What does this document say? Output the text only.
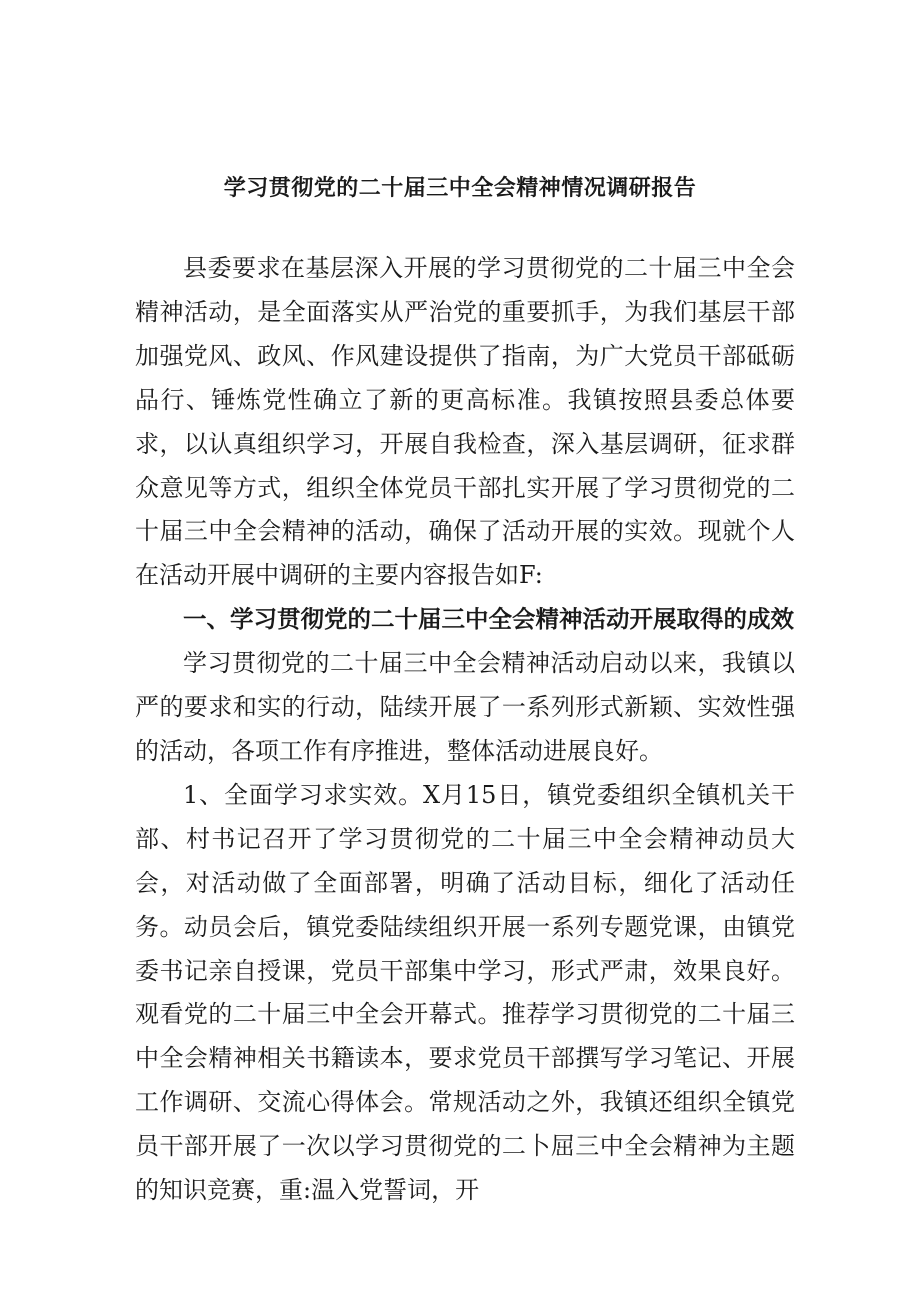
学习贯彻党的二十届三中全会精神情况调研报告

县委要求在基层深入开展的学习贯彻党的二十届三中全会精神活动，是全面落实从严治党的重要抓手，为我们基层干部加强党风、政风、作风建设提供了指南，为广大党员干部砥砺品行、锤炼党性确立了新的更高标准。我镇按照县委总体要求，以认真组织学习，开展自我检查，深入基层调研，征求群众意见等方式，组织全体党员干部扎实开展了学习贯彻党的二十届三中全会精神的活动，确保了活动开展的实效。现就个人在活动开展中调研的主要内容报告如F:

一、学习贯彻党的二十届三中全会精神活动开展取得的成效

学习贯彻党的二十届三中全会精神活动启动以来，我镇以严的要求和实的行动，陆续开展了一系列形式新颖、实效性强的活动，各项工作有序推进，整体活动进展良好。

1、全面学习求实效。X月15日，镇党委组织全镇机关干部、村书记召开了学习贯彻党的二十届三中全会精神动员大会，对活动做了全面部署，明确了活动目标，细化了活动任务。动员会后，镇党委陆续组织开展一系列专题党课，由镇党委书记亲自授课，党员干部集中学习，形式严肃，效果良好。观看党的二十届三中全会开幕式。推荐学习贯彻党的二十届三中全会精神相关书籍读本，要求党员干部撰写学习笔记、开展工作调研、交流心得体会。常规活动之外，我镇还组织全镇党员干部开展了一次以学习贯彻党的二卜屈三中全会精神为主题的知识竞赛，重:温入党誓词，开
